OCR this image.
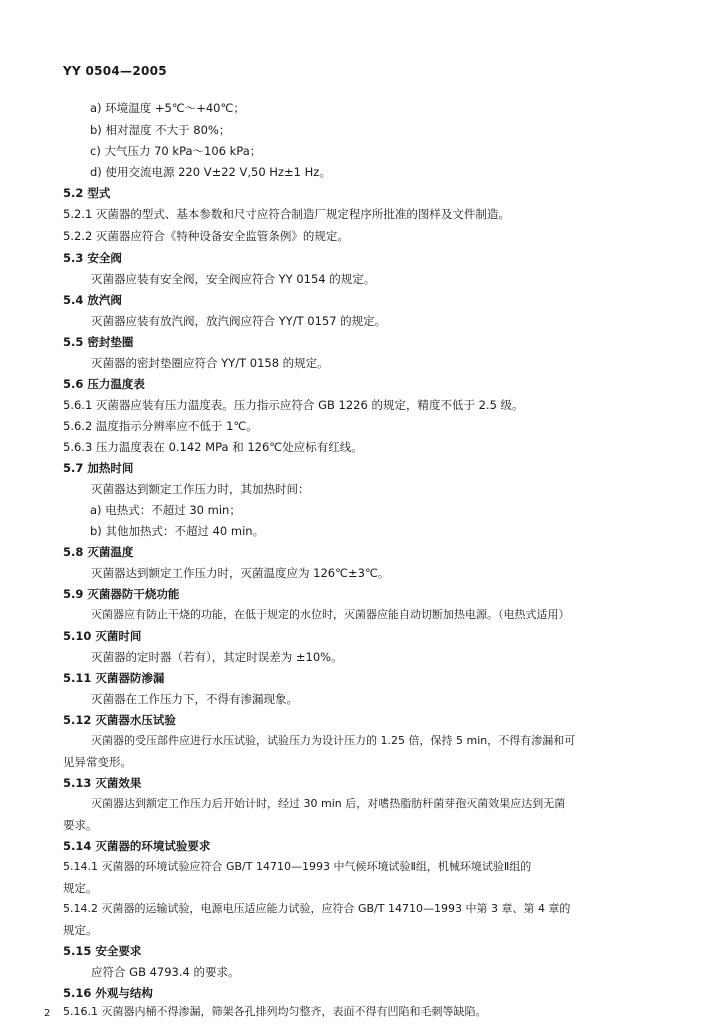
YY 0504—2005
a) 环境温度 +5℃～+40℃；
b) 相对湿度 不大于 80%；
c) 大气压力 70 kPa～106 kPa；
d) 使用交流电源 220 V±22 V,50 Hz±1 Hz。
5.2 型式
5.2.1 灭菌器的型式、基本参数和尺寸应符合制造厂规定程序所批准的图样及文件制造。
5.2.2 灭菌器应符合《特种设备安全监管条例》的规定。
5.3 安全阀
灭菌器应装有安全阀，安全阀应符合 YY 0154 的规定。
5.4 放汽阀
灭菌器应装有放汽阀，放汽阀应符合 YY/T 0157 的规定。
5.5 密封垫圈
灭菌器的密封垫圈应符合 YY/T 0158 的规定。
5.6 压力温度表
5.6.1 灭菌器应装有压力温度表。压力指示应符合 GB 1226 的规定，精度不低于 2.5 级。
5.6.2 温度指示分辨率应不低于 1℃。
5.6.3 压力温度表在 0.142 MPa 和 126℃处应标有红线。
5.7 加热时间
灭菌器达到额定工作压力时，其加热时间：
a) 电热式：不超过 30 min；
b) 其他加热式：不超过 40 min。
5.8 灭菌温度
灭菌器达到额定工作压力时，灭菌温度应为 126℃±3℃。
5.9 灭菌器防干烧功能
灭菌器应有防止干烧的功能，在低于规定的水位时，灭菌器应能自动切断加热电源。（电热式适用）
5.10 灭菌时间
灭菌器的定时器（若有），其定时误差为 ±10%。
5.11 灭菌器防渗漏
灭菌器在工作压力下，不得有渗漏现象。
5.12 灭菌器水压试验
灭菌器的受压部件应进行水压试验，试验压力为设计压力的 1.25 倍，保持 5 min，不得有渗漏和可
见异常变形。
5.13 灭菌效果
灭菌器达到额定工作压力后开始计时，经过 30 min 后，对嗜热脂肪杆菌芽孢灭菌效果应达到无菌
要求。
5.14 灭菌器的环境试验要求
5.14.1 灭菌器的环境试验应符合 GB/T 14710—1993 中气候环境试验Ⅱ组，机械环境试验Ⅱ组的
规定。
5.14.2 灭菌器的运输试验，电源电压适应能力试验，应符合 GB/T 14710—1993 中第 3 章、第 4 章的
规定。
5.15 安全要求
应符合 GB 4793.4 的要求。
5.16 外观与结构
5.16.1 灭菌器内桶不得渗漏，筛架各孔排列均匀整齐，表面不得有凹陷和毛刺等缺陷。
2
